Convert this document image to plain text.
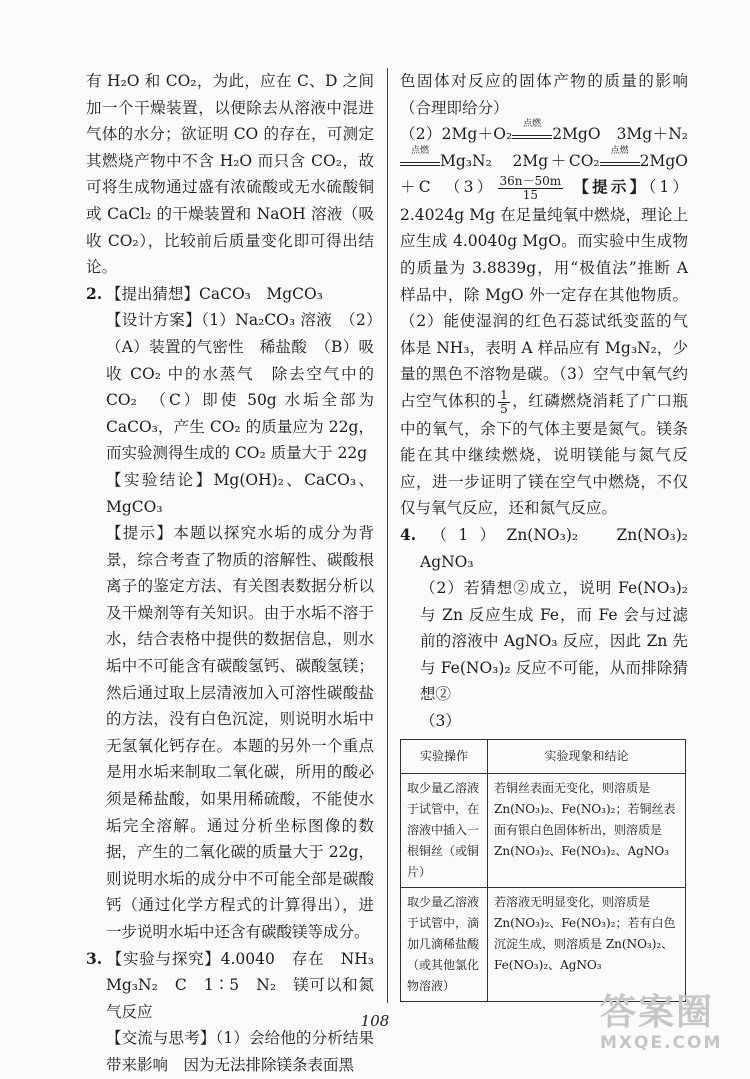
有 H₂O 和 CO₂，为此，应在 C、D 之间加一个干燥装置，以便除去从溶液中混进气体的水分；欲证明 CO 的存在，可测定其燃烧产物中不含 H₂O 而只含 CO₂，故可将生成物通过盛有浓硫酸或无水硫酸铜或 CaCl₂ 的干燥装置和 NaOH 溶液（吸收 CO₂），比较前后质量变化即可得出结论。

2. 【提出猜想】CaCO₃　MgCO₃

【设计方案】（1）Na₂CO₃ 溶液　（2）（A）装置的气密性　稀盐酸　（B）吸收 CO₂ 中的水蒸气　除去空气中的 CO₂　（C）即使 50g 水垢全部为 CaCO₃，产生 CO₂ 的质量应为 22g，而实验测得生成的 CO₂ 质量大于 22g

【实验结论】Mg(OH)₂、CaCO₃、MgCO₃

【提示】本题以探究水垢的成分为背景，综合考查了物质的溶解性、碳酸根离子的鉴定方法、有关图表数据分析以及干燥剂等有关知识。由于水垢不溶于水，结合表格中提供的数据信息，则水垢中不可能含有碳酸氢钙、碳酸氢镁；然后通过取上层清液加入可溶性碳酸盐的方法，没有白色沉淀，则说明水垢中无氢氧化钙存在。本题的另外一个重点是用水垢来制取二氧化碳，所用的酸必须是稀盐酸，如果用稀硫酸，不能使水垢完全溶解。通过分析坐标图像的数据，产生的二氧化碳的质量大于 22g，则说明水垢的成分中不可能全部是碳酸钙（通过化学方程式的计算得出），进一步说明水垢中还含有碳酸镁等成分。

3. 【实验与探究】4.0040　存在　NH₃　Mg₃N₂　C　1∶5　N₂　镁可以和氮气反应

【交流与思考】（1）会给他的分析结果带来影响　因为无法排除镁条表面黑

色固体对反应的固体产物的质量的影响（合理即给分）

（2）2Mg＋O₂
点燃
2MgO　 3Mg＋N₂
点燃
Mg₃N₂　 2Mg＋CO₂
点燃
2MgO＋C　 $(3) \frac{36n-50m}{15}$ 【提示】（1）2.4024g Mg 在足量纯氧中燃烧，理论上应生成 4.0040g MgO。而实验中生成物的质量为 3.8839g，用“极值法”推断 A 样品中，除 MgO 外一定存在其他物质。（2）能使湿润的红色石蕊试纸变蓝的气体是 NH₃，表明 A 样品应有 Mg₃N₂，少量的黑色不溶物是碳。（3）空气中氧气约占空气体积的 $\frac{1}{5}$ ，红磷燃烧消耗了广口瓶中的氧气，余下的气体主要是氮气。镁条能在其中继续燃烧，说明镁能与氮气反应，进一步证明了镁在空气中燃烧，不仅仅与氧气反应，还和氮气反应。

4. （1）Zn(NO₃)₂　Zn(NO₃)₂　AgNO₃

（2）若猜想②成立，说明 Fe(NO₃)₂ 与 Zn 反应生成 Fe，而 Fe 会与过滤前的溶液中 AgNO₃ 反应，因此 Zn 先与 Fe(NO₃)₂ 反应不可能，从而排除猜想②

（3）

实验操作	实验现象和结论
取少量乙溶液于试管中，在溶液中插入一根铜丝（或铜片）	若铜丝表面无变化，则溶质是 Zn(NO₃)₂、Fe(NO₃)₂；若铜丝表面有银白色固体析出，则溶质是 Zn(NO₃)₂、Fe(NO₃)₂、AgNO₃
取少量乙溶液于试管中，滴加几滴稀盐酸（或其他氯化物溶液）	若溶液无明显变化，则溶质是 Zn(NO₃)₂、Fe(NO₃)₂；若有白色沉淀生成，则溶质是 Zn(NO₃)₂、Fe(NO₃)₂、AgNO₃
108	答案圈
MXQE.COM
